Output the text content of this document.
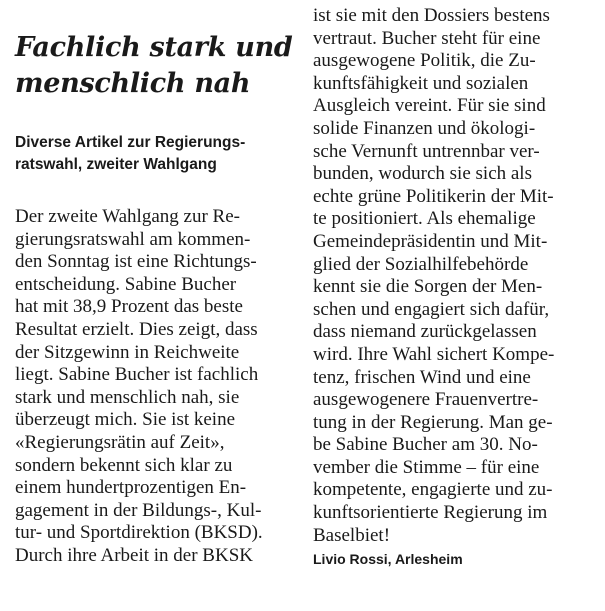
Fachlich stark und
menschlich nah
Diverse Artikel zur Regierungs-
ratswahl, zweiter Wahlgang
Der zweite Wahlgang zur Re-
gierungsratswahl am kommen-
den Sonntag ist eine Richtungs-
entscheidung. Sabine Bucher
hat mit 38,9 Prozent das beste
Resultat erzielt. Dies zeigt, dass
der Sitzgewinn in Reichweite
liegt. Sabine Bucher ist fachlich
stark und menschlich nah, sie
überzeugt mich. Sie ist keine
«Regierungsrätin auf Zeit»,
sondern bekennt sich klar zu
einem hundertprozentigen En-
gagement in der Bildungs-, Kul-
tur- und Sportdirektion (BKSD).
Durch ihre Arbeit in der BKSK
ist sie mit den Dossiers bestens
vertraut. Bucher steht für eine
ausgewogene Politik, die Zu-
kunftsfähigkeit und sozialen
Ausgleich vereint. Für sie sind
solide Finanzen und ökologi-
sche Vernunft untrennbar ver-
bunden, wodurch sie sich als
echte grüne Politikerin der Mit-
te positioniert. Als ehemalige
Gemeindepräsidentin und Mit-
glied der Sozialhilfebehörde
kennt sie die Sorgen der Men-
schen und engagiert sich dafür,
dass niemand zurückgelassen
wird. Ihre Wahl sichert Kompe-
tenz, frischen Wind und eine
ausgewogenere Frauenvertre-
tung in der Regierung. Man ge-
be Sabine Bucher am 30. No-
vember die Stimme – für eine
kompetente, engagierte und zu-
kunftsorientierte Regierung im
Baselbiet!
Livio Rossi, Arlesheim
